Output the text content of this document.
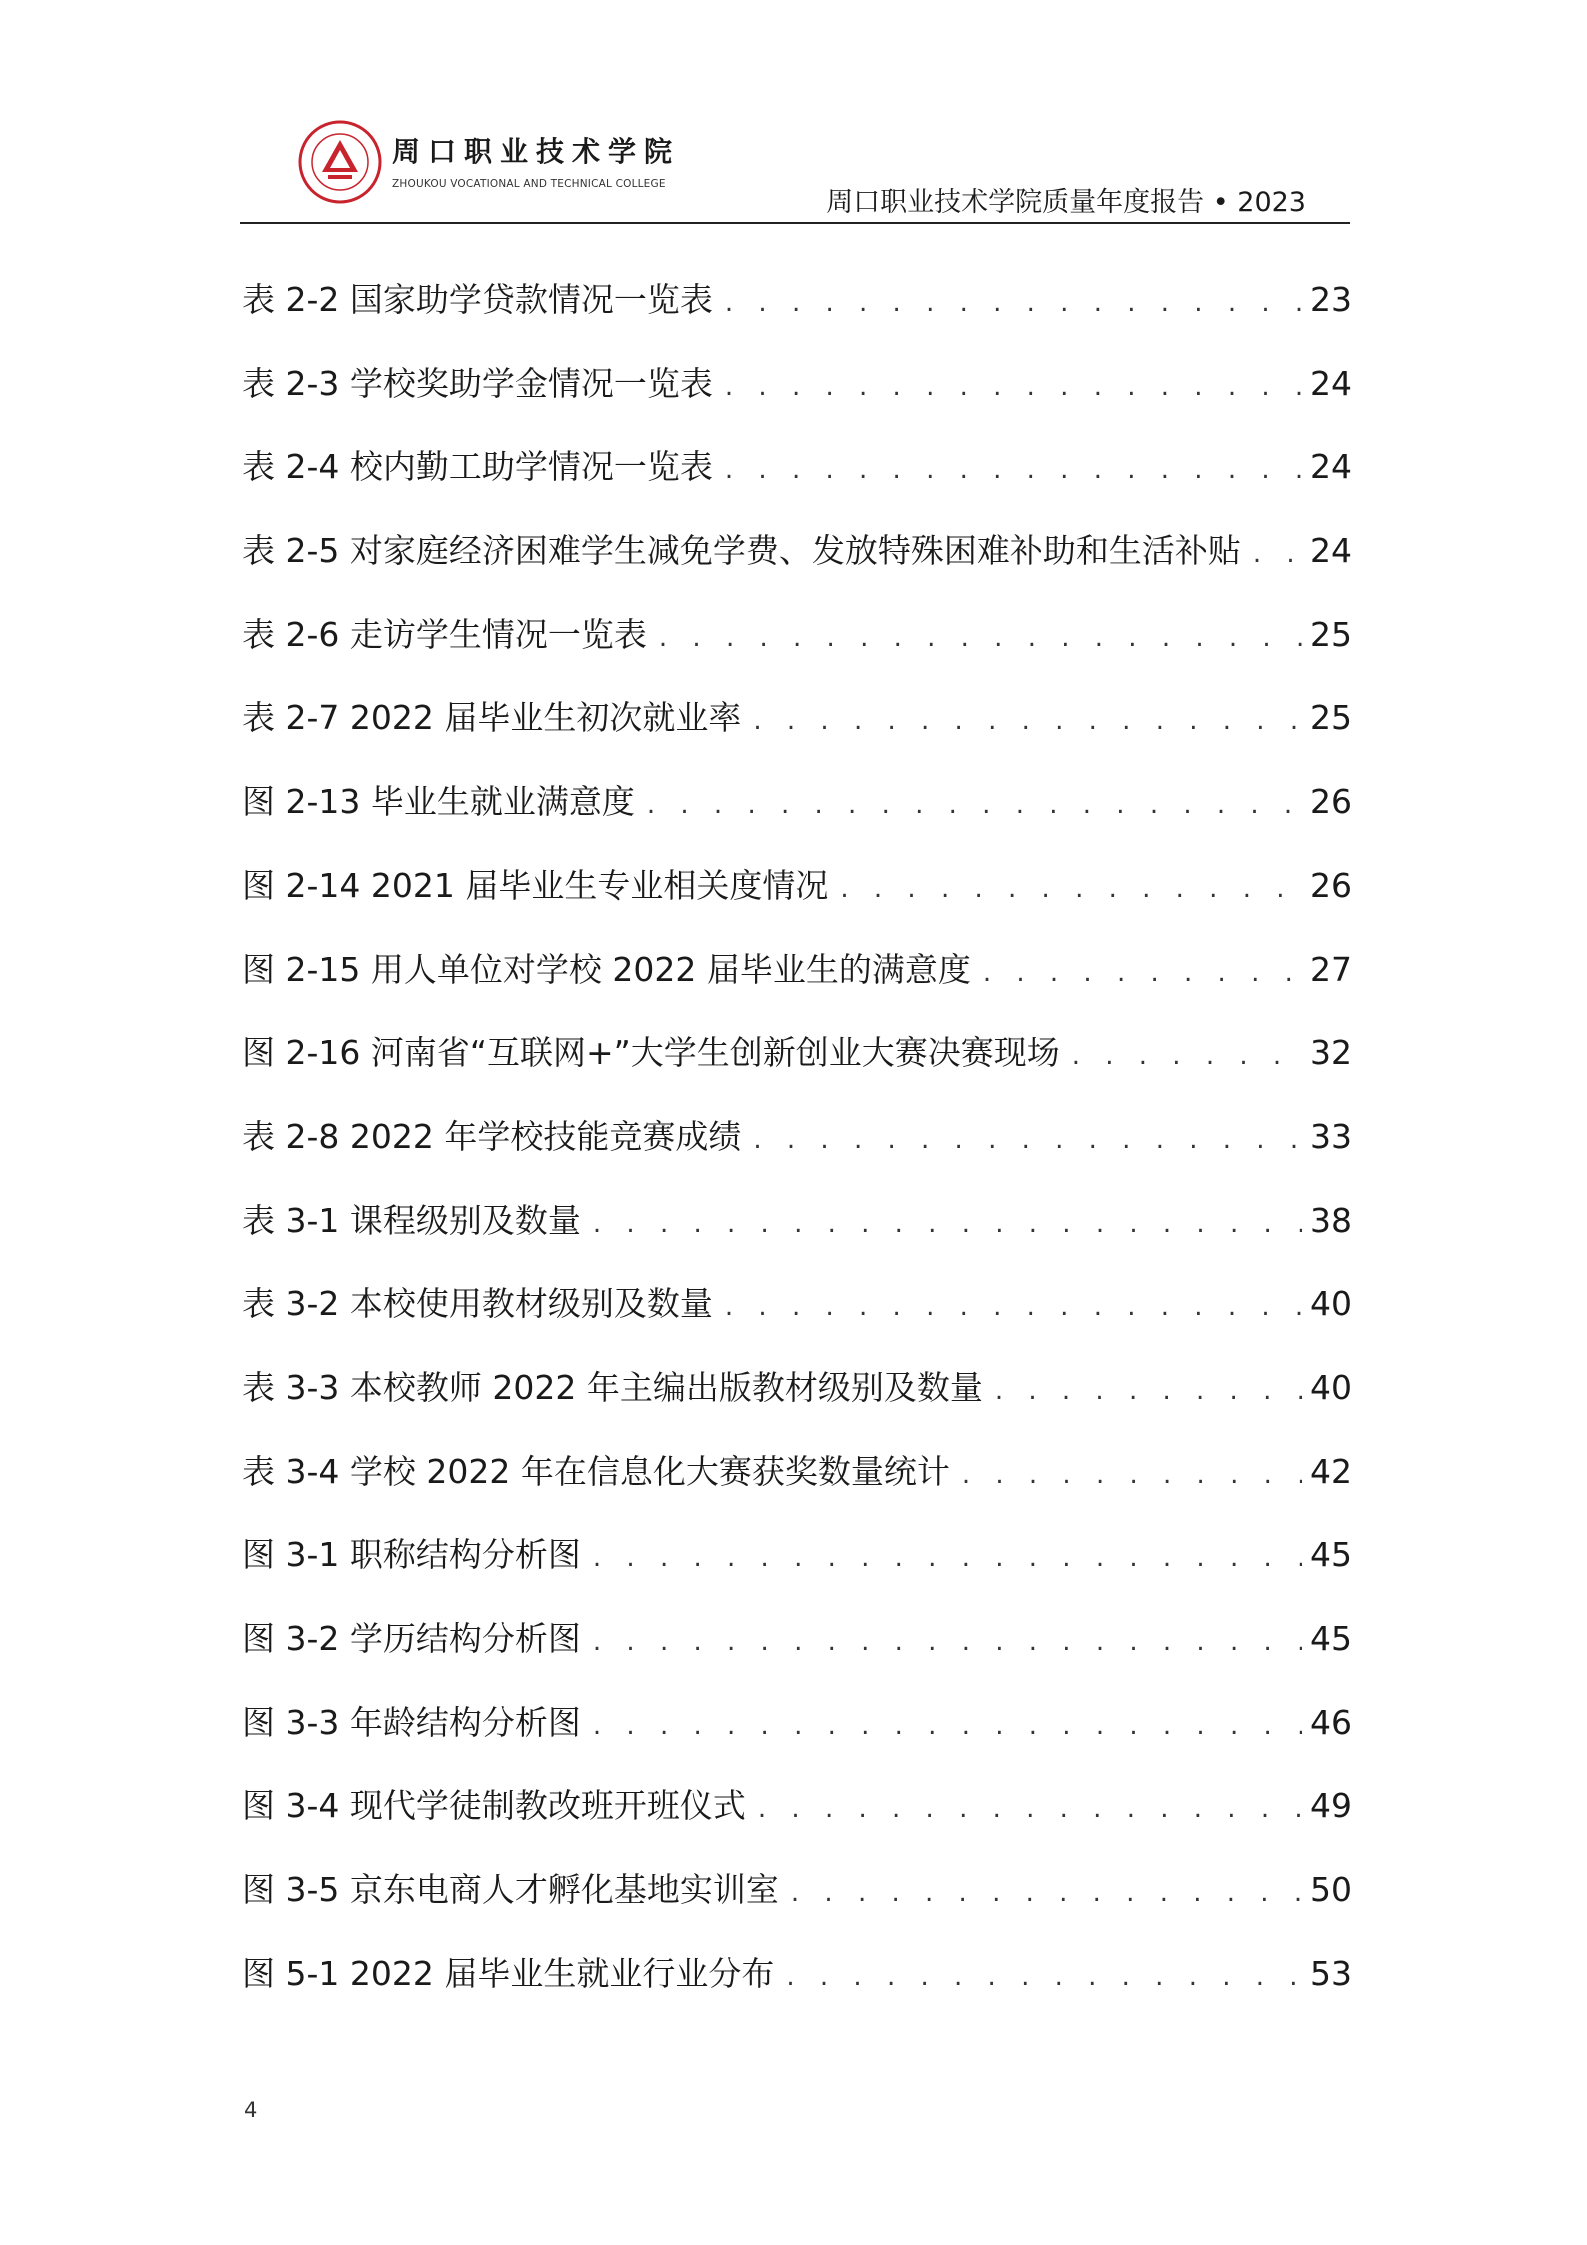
周口职业技术学院
ZHOUKOU VOCATIONAL AND TECHNICAL COLLEGE
周口职业技术学院质量年度报告 • 2023
表 2-2 国家助学贷款情况一览表 . . .	23
表 2-3 学校奖助学金情况一览表 . . .	24
表 2-4 校内勤工助学情况一览表 . . .	24
表 2-5 对家庭经济困难学生减免学费、发放特殊困难补助和生活补贴 . . . 24
表 2-6 走访学生情况一览表 . . .	25
表 2-7 2022 届毕业生初次就业率 . . .	25
图 2-13 毕业生就业满意度 . . .	26
图 2-14 2021 届毕业生专业相关度情况 . . .	26
图 2-15 用人单位对学校 2022 届毕业生的满意度 . . .	27
图 2-16 河南省“互联网+”大学生创新创业大赛决赛现场 . . .	32
表 2-8 2022 年学校技能竞赛成绩 . . .	33
表 3-1 课程级别及数量 . . .	38
表 3-2 本校使用教材级别及数量 . . .	40
表 3-3 本校教师 2022 年主编出版教材级别及数量 . . .	40
表 3-4 学校 2022 年在信息化大赛获奖数量统计 . . .	42
图 3-1 职称结构分析图 . . .	45
图 3-2 学历结构分析图 . . .	45
图 3-3 年龄结构分析图 . . .	46
图 3-4 现代学徒制教改班开班仪式 . . .	49
图 3-5 京东电商人才孵化基地实训室 . . .	50
图 5-1 2022 届毕业生就业行业分布 . . .	53
4
